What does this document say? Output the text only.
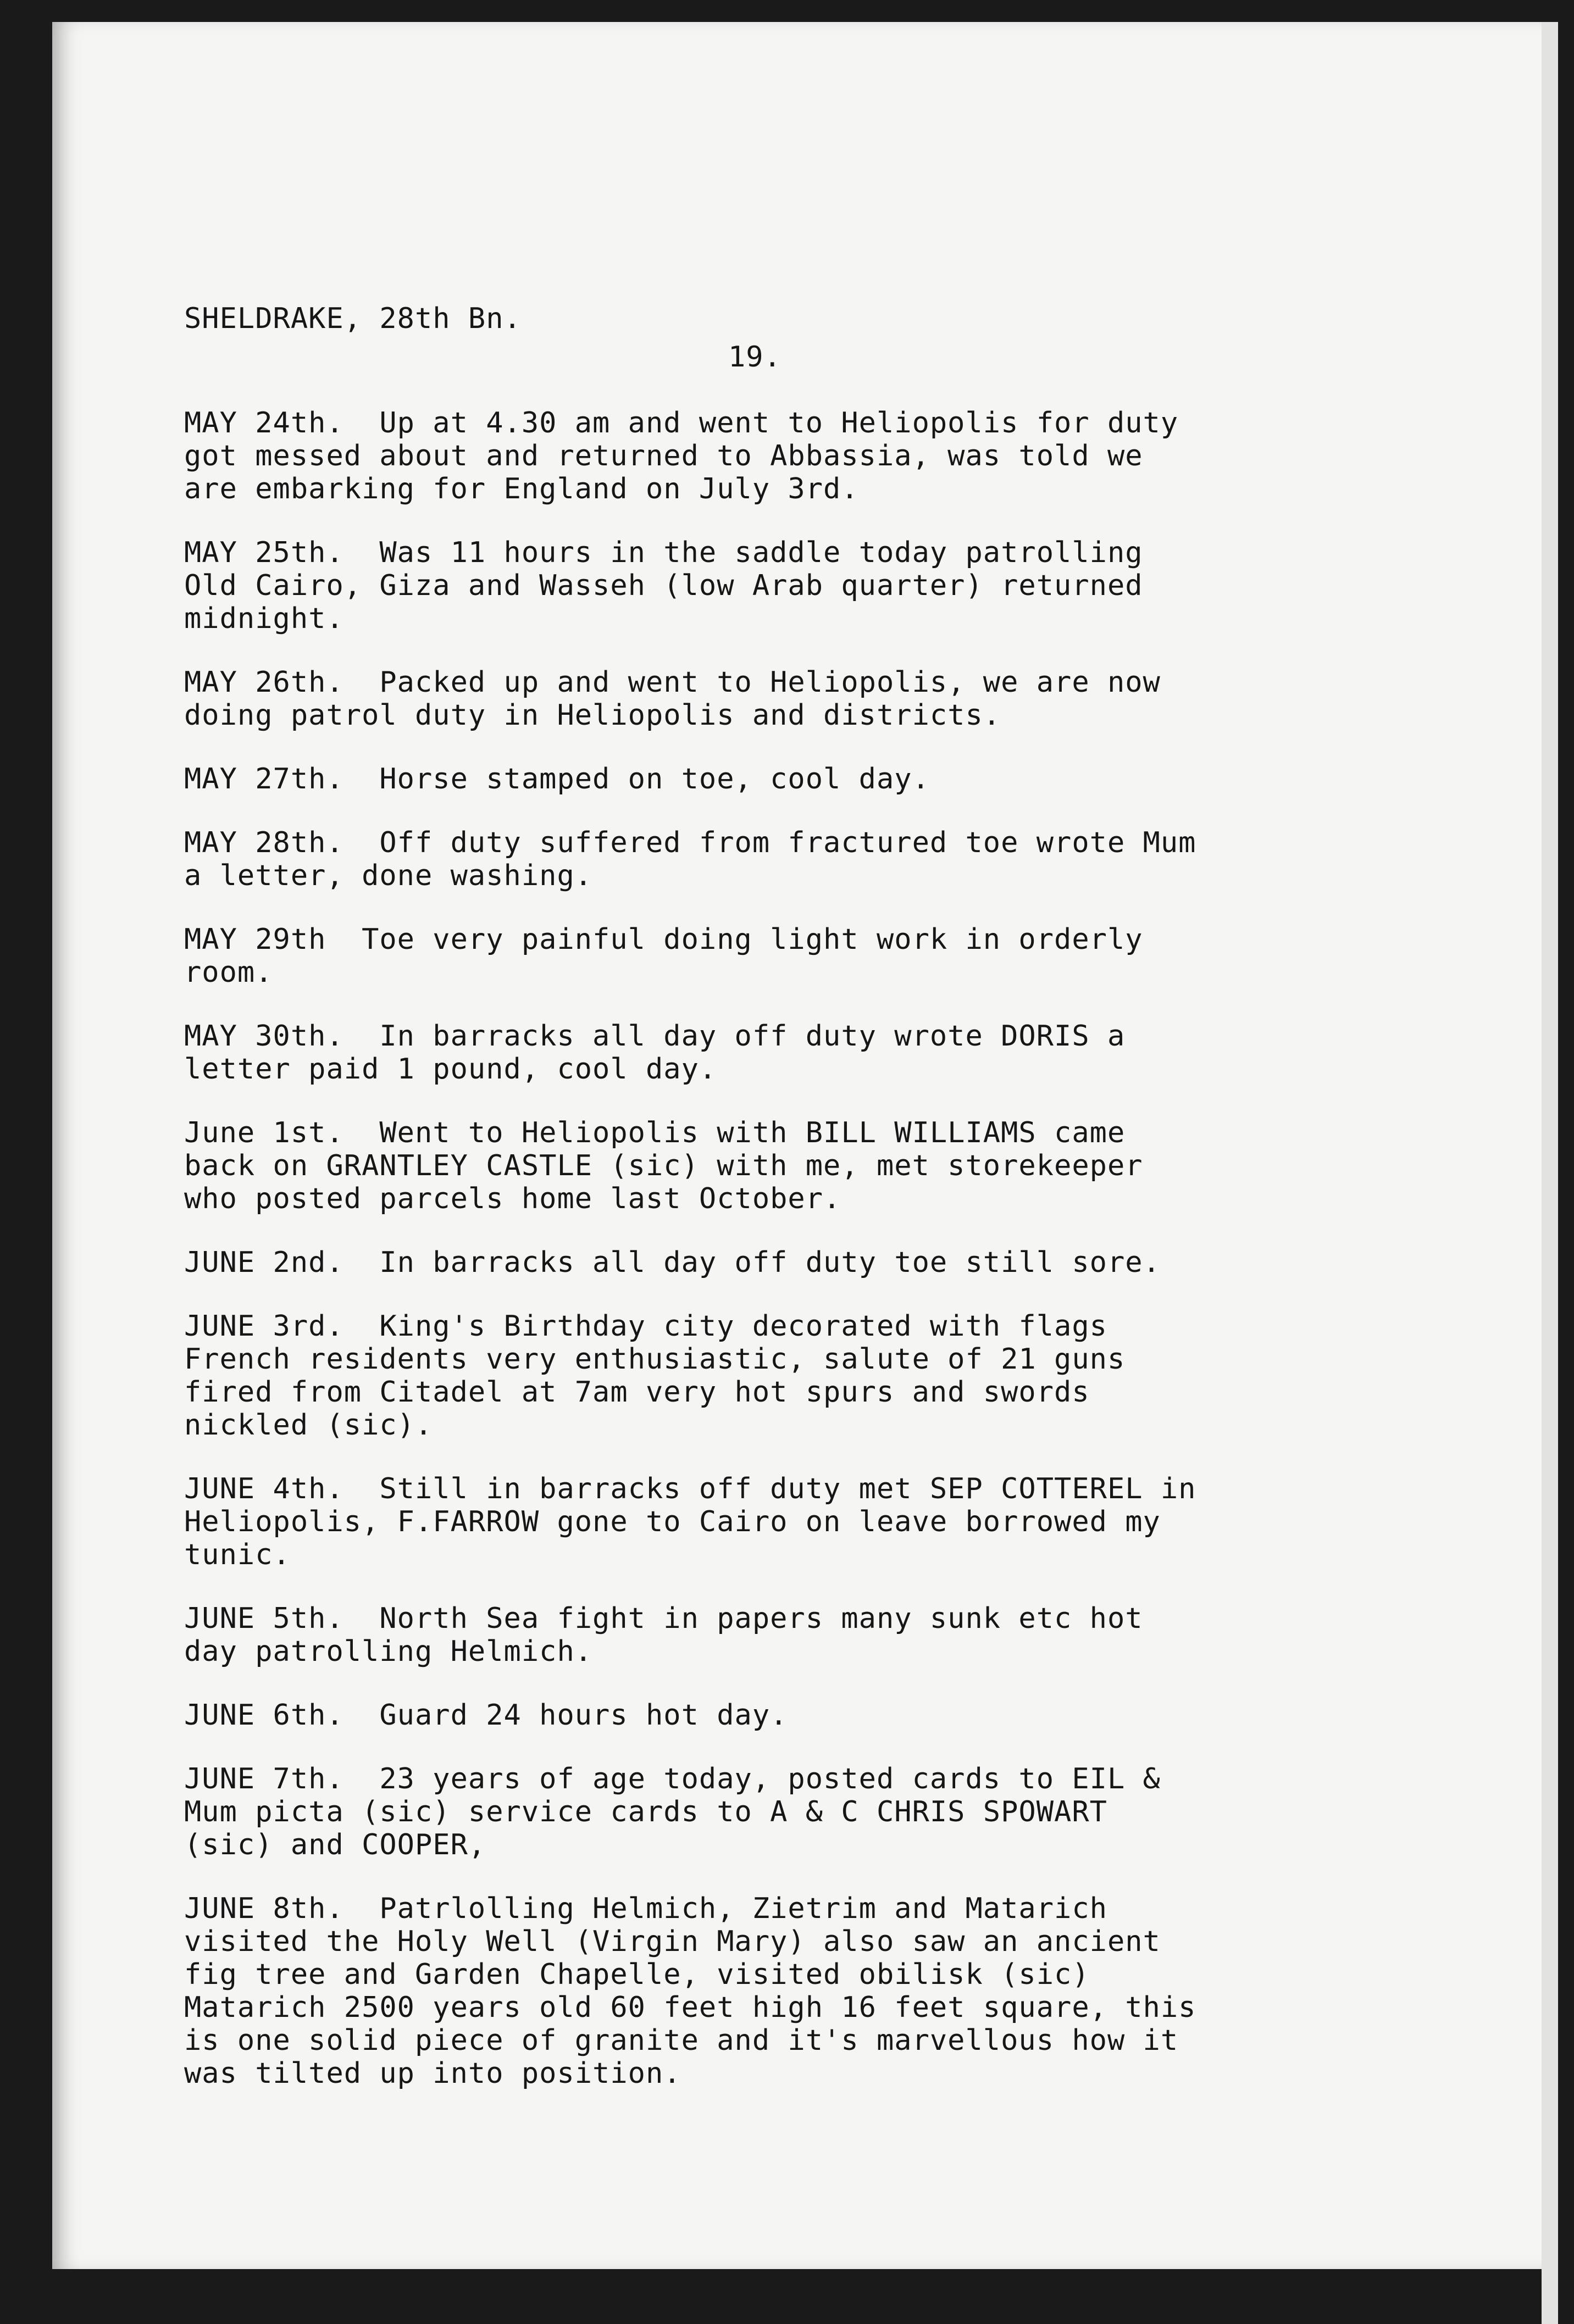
SHELDRAKE, 28th Bn.
19.

MAY 24th.  Up at 4.30 am and went to Heliopolis for duty
got messed about and returned to Abbassia, was told we
are embarking for England on July 3rd.

MAY 25th.  Was 11 hours in the saddle today patrolling
Old Cairo, Giza and Wasseh (low Arab quarter) returned
midnight.

MAY 26th.  Packed up and went to Heliopolis, we are now
doing patrol duty in Heliopolis and districts.

MAY 27th.  Horse stamped on toe, cool day.

MAY 28th.  Off duty suffered from fractured toe wrote Mum
a letter, done washing.

MAY 29th  Toe very painful doing light work in orderly
room.

MAY 30th.  In barracks all day off duty wrote DORIS a
letter paid 1 pound, cool day.

June 1st.  Went to Heliopolis with BILL WILLIAMS came
back on GRANTLEY CASTLE (sic) with me, met storekeeper
who posted parcels home last October.

JUNE 2nd.  In barracks all day off duty toe still sore.

JUNE 3rd.  King's Birthday city decorated with flags
French residents very enthusiastic, salute of 21 guns
fired from Citadel at 7am very hot spurs and swords
nickled (sic).

JUNE 4th.  Still in barracks off duty met SEP COTTEREL in
Heliopolis, F.FARROW gone to Cairo on leave borrowed my
tunic.

JUNE 5th.  North Sea fight in papers many sunk etc hot
day patrolling Helmich.

JUNE 6th.  Guard 24 hours hot day.

JUNE 7th.  23 years of age today, posted cards to EIL &
Mum picta (sic) service cards to A & C CHRIS SPOWART
(sic) and COOPER,

JUNE 8th.  Patrlolling Helmich, Zietrim and Matarich
visited the Holy Well (Virgin Mary) also saw an ancient
fig tree and Garden Chapelle, visited obilisk (sic)
Matarich 2500 years old 60 feet high 16 feet square, this
is one solid piece of granite and it's marvellous how it
was tilted up into position.
